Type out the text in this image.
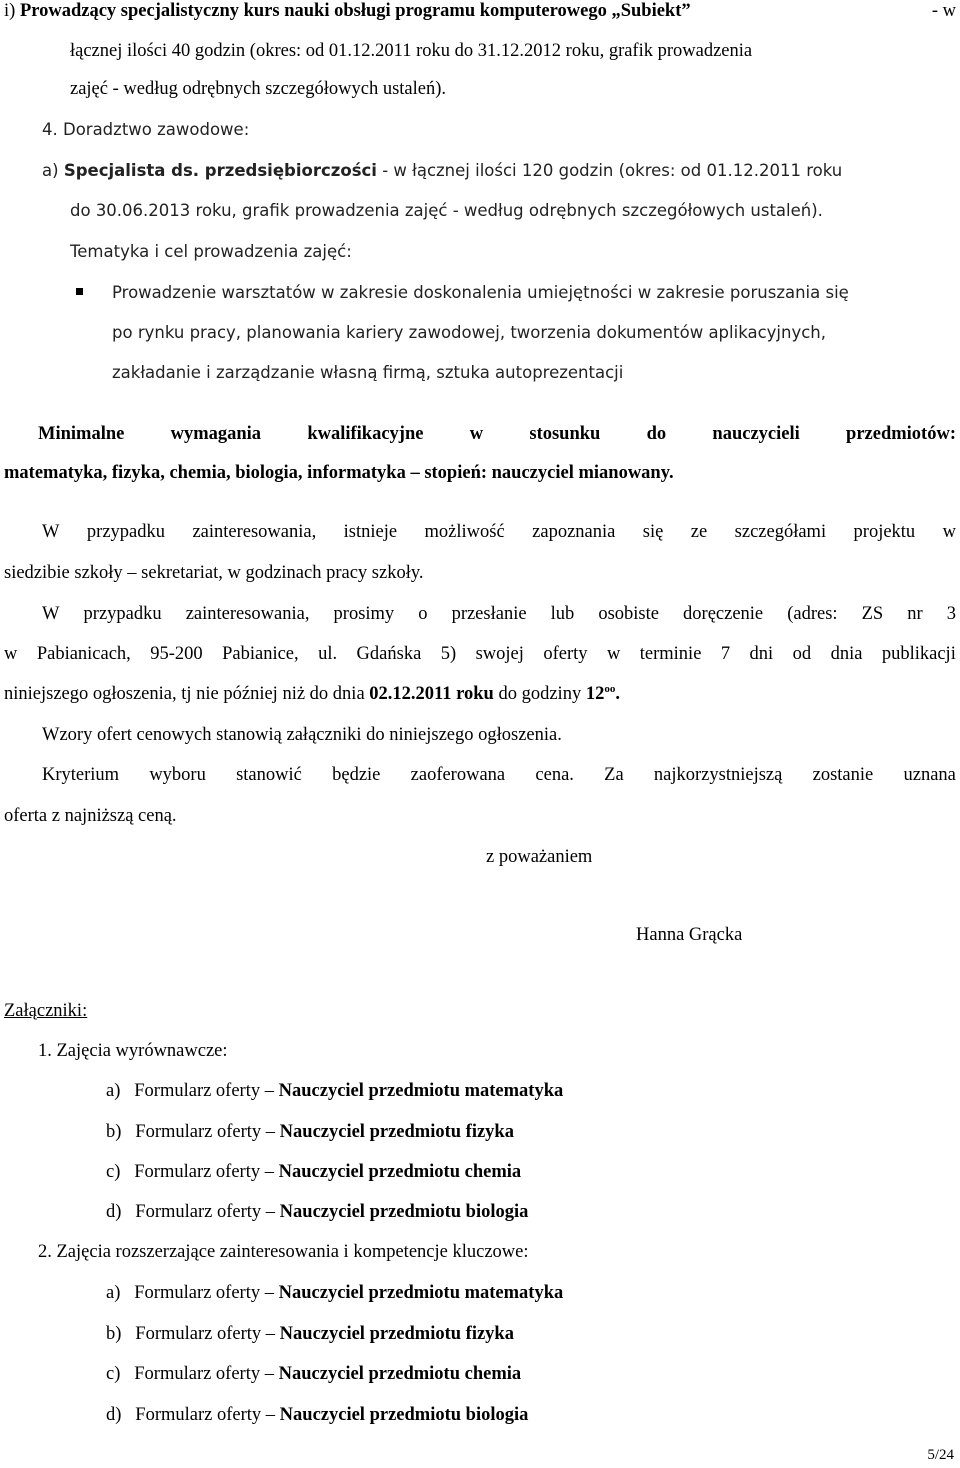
i) Prowadzący specjalistyczny kurs nauki obsługi programu komputerowego „Subiekt”	- w
łącznej ilości 40 godzin (okres: od 01.12.2011 roku do 31.12.2012 roku, grafik prowadzenia
zajęć - według odrębnych szczegółowych ustaleń).
4. Doradztwo zawodowe:
a) Specjalista ds. przedsiębiorczości - w łącznej ilości 120 godzin (okres: od 01.12.2011 roku
do 30.06.2013 roku, grafik prowadzenia zajęć - według odrębnych szczegółowych ustaleń).
Tematyka i cel prowadzenia zajęć:
Prowadzenie warsztatów w zakresie doskonalenia umiejętności w zakresie poruszania się
po rynku pracy, planowania kariery zawodowej, tworzenia dokumentów aplikacyjnych,
zakładanie i zarządzanie własną firmą, sztuka autoprezentacji
Minimalne	wymagania	kwalifikacyjne	w	stosunku	do	nauczycieli	przedmiotów:
matematyka, fizyka, chemia, biologia, informatyka – stopień: nauczyciel mianowany.
W przypadku zainteresowania, istnieje możliwość zapoznania się ze szczegółami projektu w
siedzibie szkoły – sekretariat, w godzinach pracy szkoły.
W przypadku zainteresowania, prosimy o przesłanie lub osobiste doręczenie (adres: ZS nr 3
w Pabianicach, 95-200 Pabianice, ul. Gdańska 5) swojej oferty w terminie 7 dni od dnia publikacji
niniejszego ogłoszenia, tj nie później niż do dnia 02.12.2011 roku do godziny $12^{oo}$.
Wzory ofert cenowych stanowią załączniki do niniejszego ogłoszenia.
Kryterium wyboru stanowić będzie zaoferowana cena. Za najkorzystniejszą zostanie uznana
oferta z najniższą ceną.
z poważaniem
Hanna Grącka
Załączniki:
1. Zajęcia wyrównawcze:
a) Formularz oferty – Nauczyciel przedmiotu matematyka
b) Formularz oferty – Nauczyciel przedmiotu fizyka
c) Formularz oferty – Nauczyciel przedmiotu chemia
d) Formularz oferty – Nauczyciel przedmiotu biologia
2. Zajęcia rozszerzające zainteresowania i kompetencje kluczowe:
a) Formularz oferty – Nauczyciel przedmiotu matematyka
b) Formularz oferty – Nauczyciel przedmiotu fizyka
c) Formularz oferty – Nauczyciel przedmiotu chemia
d) Formularz oferty – Nauczyciel przedmiotu biologia
5/24
